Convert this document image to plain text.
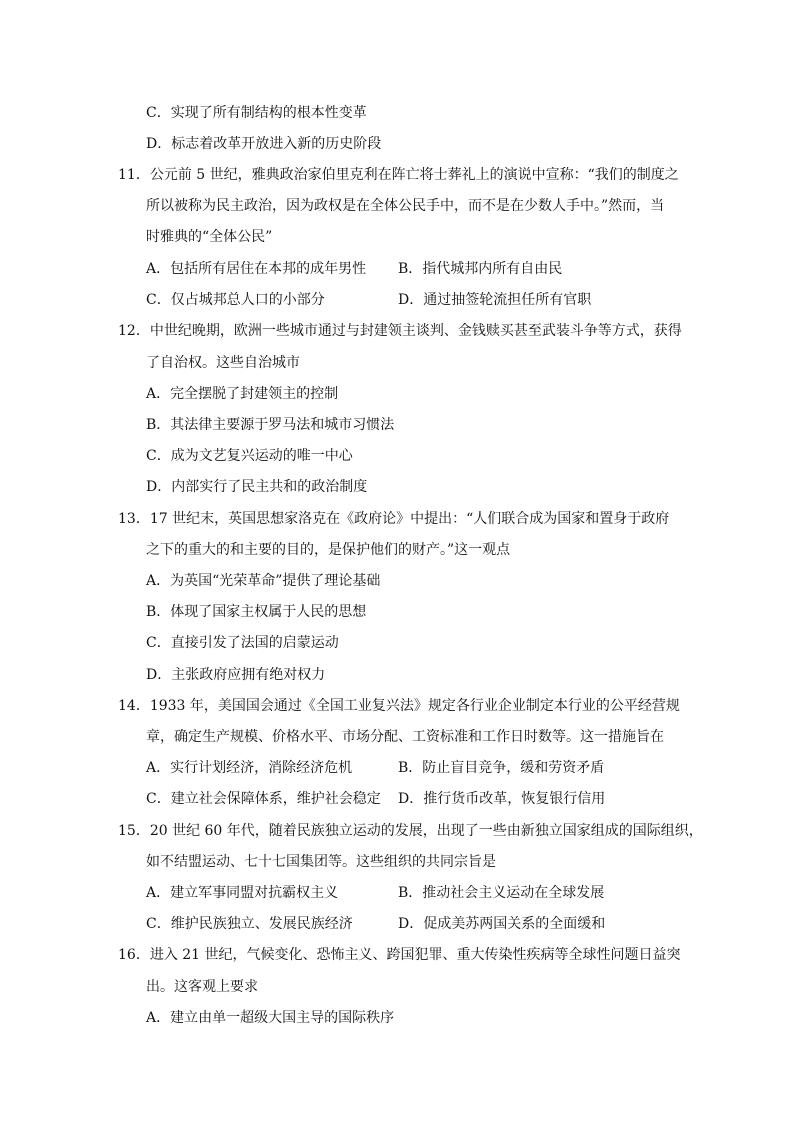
C．实现了所有制结构的根本性变革
D．标志着改革开放进入新的历史阶段
11．公元前 5 世纪，雅典政治家伯里克利在阵亡将士葬礼上的演说中宣称：“我们的制度之
所以被称为民主政治，因为政权是在全体公民手中，而不是在少数人手中。”然而，当
时雅典的“全体公民”
A．包括所有居住在本邦的成年男性 B．指代城邦内所有自由民
C．仅占城邦总人口的小部分	D．通过抽签轮流担任所有官职
12．中世纪晚期，欧洲一些城市通过与封建领主谈判、金钱赎买甚至武装斗争等方式，获得
了自治权。这些自治城市
A．完全摆脱了封建领主的控制
B．其法律主要源于罗马法和城市习惯法
C．成为文艺复兴运动的唯一中心
D．内部实行了民主共和的政治制度
13．17 世纪末，英国思想家洛克在《政府论》中提出：“人们联合成为国家和置身于政府
之下的重大的和主要的目的，是保护他们的财产。”这一观点
A．为英国“光荣革命”提供了理论基础
B．体现了国家主权属于人民的思想
C．直接引发了法国的启蒙运动
D．主张政府应拥有绝对权力
14．1933 年，美国国会通过《全国工业复兴法》规定各行业企业制定本行业的公平经营规
章，确定生产规模、价格水平、市场分配、工资标准和工作日时数等。这一措施旨在
A．实行计划经济，消除经济危机	B．防止盲目竞争，缓和劳资矛盾
C．建立社会保障体系，维护社会稳定 D．推行货币改革，恢复银行信用
15．20 世纪 60 年代，随着民族独立运动的发展，出现了一些由新独立国家组成的国际组织，
如不结盟运动、七十七国集团等。这些组织的共同宗旨是
A．建立军事同盟对抗霸权主义	B．推动社会主义运动在全球发展
C．维护民族独立、发展民族经济	D．促成美苏两国关系的全面缓和
16．进入 21 世纪，气候变化、恐怖主义、跨国犯罪、重大传染性疾病等全球性问题日益突
出。这客观上要求
A．建立由单一超级大国主导的国际秩序
